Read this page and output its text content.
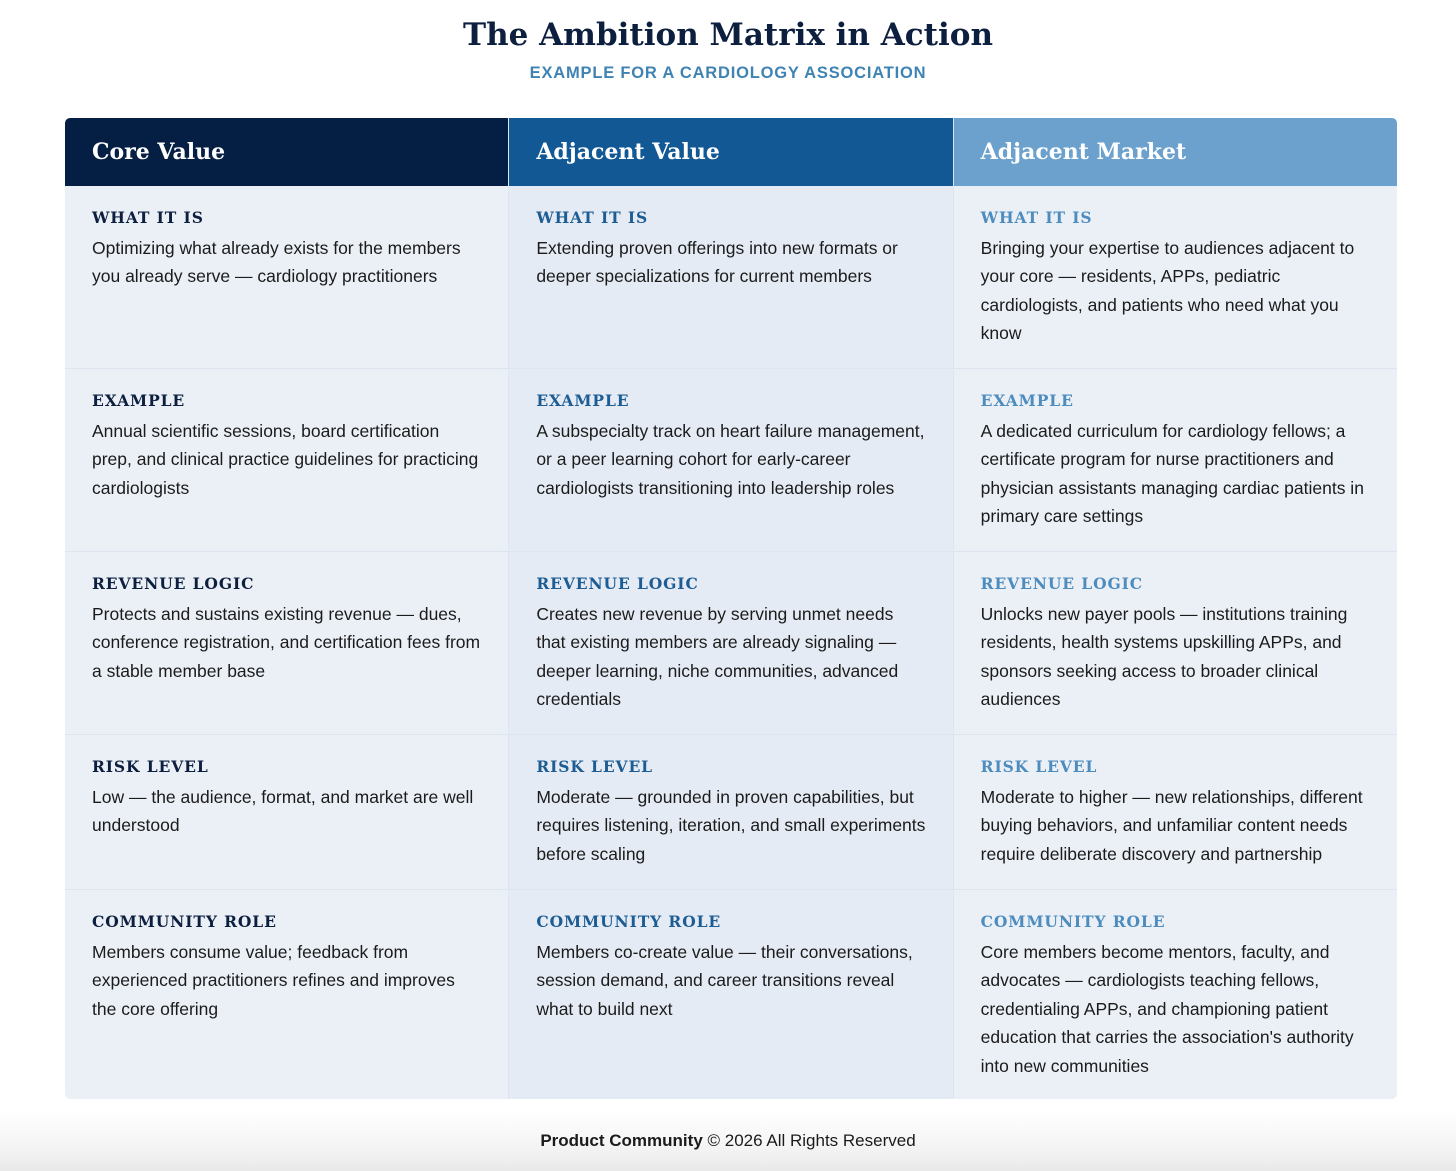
The Ambition Matrix in Action
EXAMPLE FOR A CARDIOLOGY ASSOCIATION
Core Value
WHAT IT IS
Optimizing what already exists for the members you already serve — cardiology practitioners
EXAMPLE
Annual scientific sessions, board certification prep, and clinical practice guidelines for practicing cardiologists
REVENUE LOGIC
Protects and sustains existing revenue — dues, conference registration, and certification fees from a stable member base
RISK LEVEL
Low — the audience, format, and market are well understood
COMMUNITY ROLE
Members consume value; feedback from experienced practitioners refines and improves the core offering
Adjacent Value
WHAT IT IS
Extending proven offerings into new formats or deeper specializations for current members
EXAMPLE
A subspecialty track on heart failure management, or a peer learning cohort for early-career cardiologists transitioning into leadership roles
REVENUE LOGIC
Creates new revenue by serving unmet needs that existing members are already signaling — deeper learning, niche communities, advanced credentials
RISK LEVEL
Moderate — grounded in proven capabilities, but requires listening, iteration, and small experiments before scaling
COMMUNITY ROLE
Members co-create value — their conversations, session demand, and career transitions reveal what to build next
Adjacent Market
WHAT IT IS
Bringing your expertise to audiences adjacent to your core — residents, APPs, pediatric cardiologists, and patients who need what you know
EXAMPLE
A dedicated curriculum for cardiology fellows; a certificate program for nurse practitioners and physician assistants managing cardiac patients in primary care settings
REVENUE LOGIC
Unlocks new payer pools — institutions training residents, health systems upskilling APPs, and sponsors seeking access to broader clinical audiences
RISK LEVEL
Moderate to higher — new relationships, different buying behaviors, and unfamiliar content needs require deliberate discovery and partnership
COMMUNITY ROLE
Core members become mentors, faculty, and advocates — cardiologists teaching fellows, credentialing APPs, and championing patient education that carries the association's authority into new communities
Product Community © 2026 All Rights Reserved
